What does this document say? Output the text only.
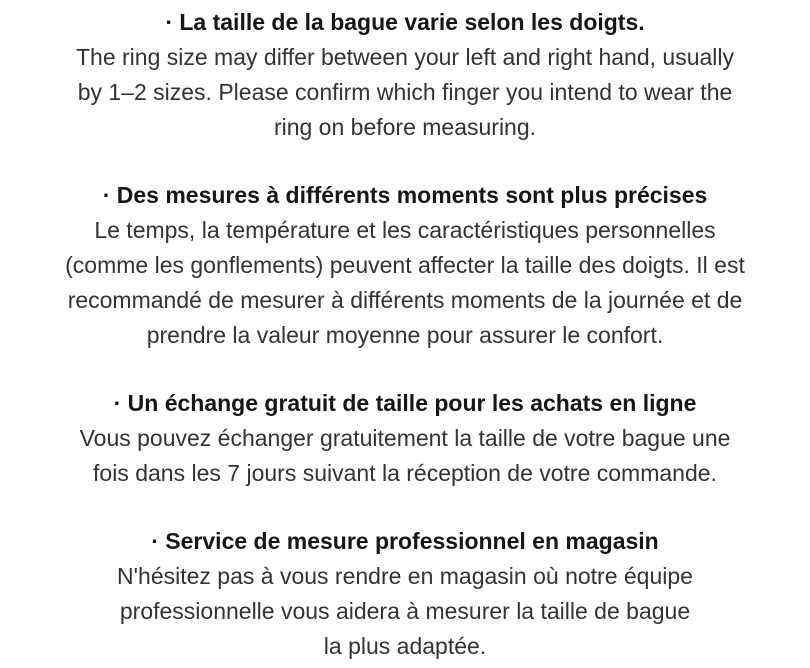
· La taille de la bague varie selon les doigts.
The ring size may differ between your left and right hand, usually
by 1–2 sizes. Please confirm which finger you intend to wear the
ring on before measuring.
· Des mesures à différents moments sont plus précises
Le temps, la température et les caractéristiques personnelles
(comme les gonflements) peuvent affecter la taille des doigts. Il est
recommandé de mesurer à différents moments de la journée et de
prendre la valeur moyenne pour assurer le confort.
· Un échange gratuit de taille pour les achats en ligne
Vous pouvez échanger gratuitement la taille de votre bague une
fois dans les 7 jours suivant la réception de votre commande.
· Service de mesure professionnel en magasin
N'hésitez pas à vous rendre en magasin où notre équipe
professionnelle vous aidera à mesurer la taille de bague
la plus adaptée.
